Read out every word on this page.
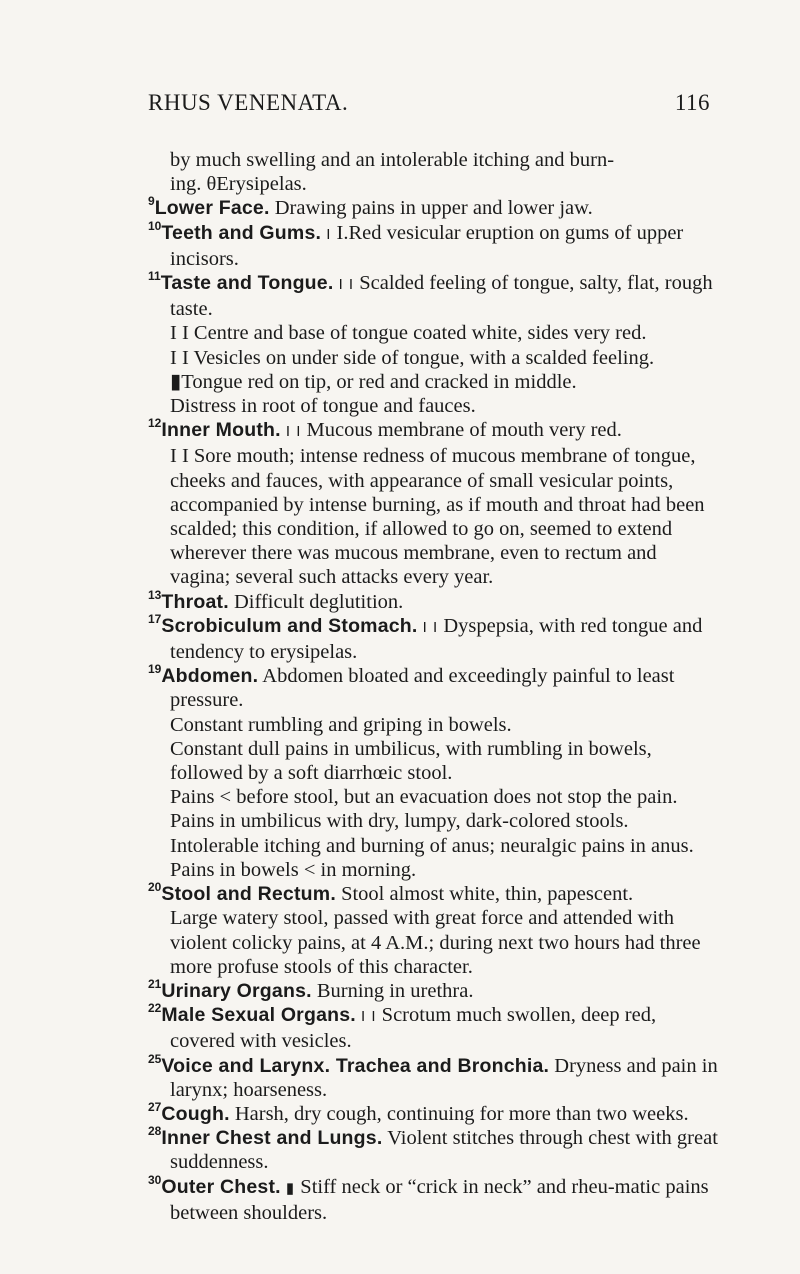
RHUS VENENATA.	116

by much swelling and an intolerable itching and burn-

ing. θErysipelas.

$^9$Lower Face. Drawing pains in upper and lower jaw.

$^{10}$Teeth and Gums. I I.Red vesicular eruption on gums of upper incisors.

$^{11}$Taste and Tongue. I I Scalded feeling of tongue, salty, flat, rough taste.

I I Centre and base of tongue coated white, sides very red.

I I Vesicles on under side of tongue, with a scalded feeling.

▮Tongue red on tip, or red and cracked in middle.

Distress in root of tongue and fauces.

$^{12}$Inner Mouth. I I Mucous membrane of mouth very red.

I I Sore mouth; intense redness of mucous membrane of tongue, cheeks and fauces, with appearance of small vesicular points, accompanied by intense burning, as if mouth and throat had been scalded; this condition, if allowed to go on, seemed to extend wherever there was mucous membrane, even to rectum and vagina; several such attacks every year.

$^{13}$Throat. Difficult deglutition.

$^{17}$Scrobiculum and Stomach. I I Dyspepsia, with red tongue and tendency to erysipelas.

$^{19}$Abdomen. Abdomen bloated and exceedingly painful to least pressure.

Constant rumbling and griping in bowels.

Constant dull pains in umbilicus, with rumbling in bowels, followed by a soft diarrhœic stool.

Pains < before stool, but an evacuation does not stop the pain.

Pains in umbilicus with dry, lumpy, dark-colored stools.

Intolerable itching and burning of anus; neuralgic pains in anus.

Pains in bowels < in morning.

$^{20}$Stool and Rectum. Stool almost white, thin, papescent.

Large watery stool, passed with great force and attended with violent colicky pains, at 4 A.M.; during next two hours had three more profuse stools of this character.

$^{21}$Urinary Organs. Burning in urethra.

$^{22}$Male Sexual Organs. I I Scrotum much swollen, deep red, covered with vesicles.

$^{25}$Voice and Larynx. Trachea and Bronchia. Dryness and pain in larynx; hoarseness.

$^{27}$Cough. Harsh, dry cough, continuing for more than two weeks.

$^{28}$Inner Chest and Lungs. Violent stitches through chest with great suddenness.

$^{30}$Outer Chest. ▮ Stiff neck or “crick in neck” and rheu-matic pains between shoulders.
